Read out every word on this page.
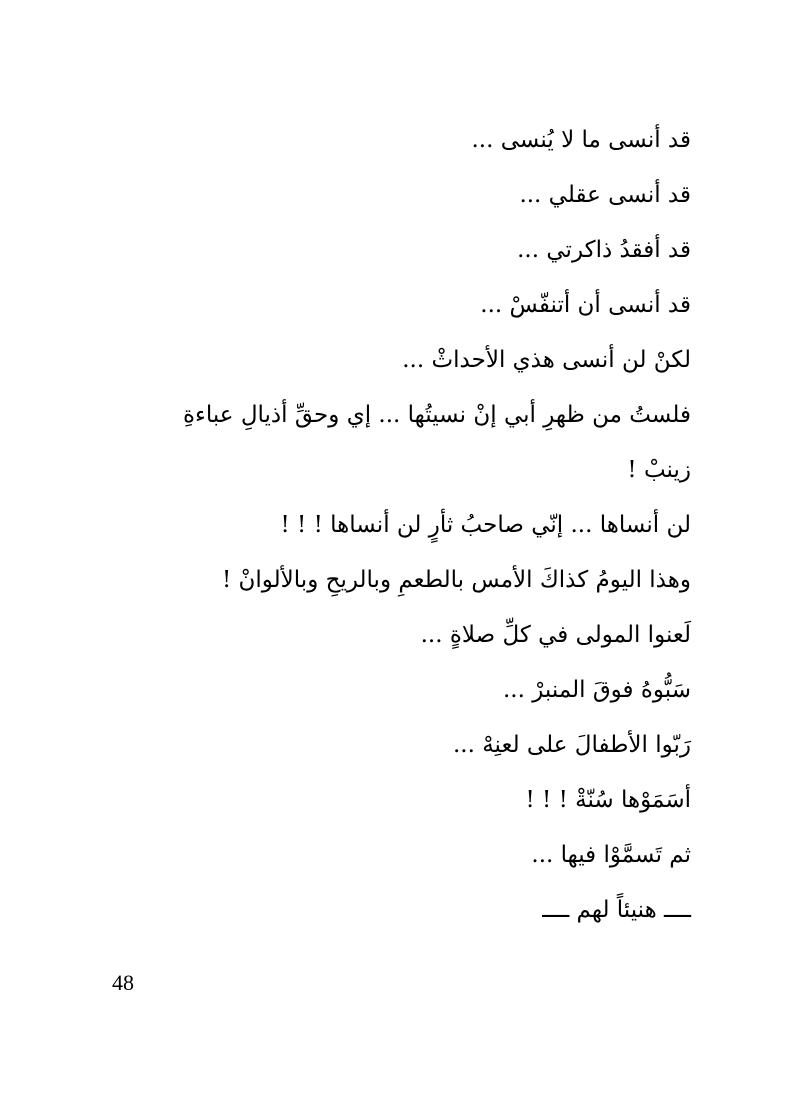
قد أنسى ما لا يُنسى ...
قد أنسى عقلي ...
قد أفقدُ ذاكرتي ...
قد أنسى أن أتنفّسْ ...
لكنْ لن أنسى هذي الأحداثْ ...
فلستُ من ظهرِ أبي إنْ نسيتُها ... إي وحقِّ أذيالِ عباءةِ
زينبْ !
لن أنساها ... إنّي صاحبُ ثأرٍ لن أنساها ! ! !
وهذا اليومُ كذاكَ الأمس بالطعمِ وبالريحِ وبالألوانْ !
لَعنوا المولى في كلِّ صلاةٍ ...
سَبُّوهُ فوقَ المنبرْ ...
رَبّوا الأطفالَ على لعنِهْ ...
أسَمَوْها سُنّةْ ! ! !
ثم تَسمَّوْا فيها ...
ــــ هنيئاً لهم ــــ
48
